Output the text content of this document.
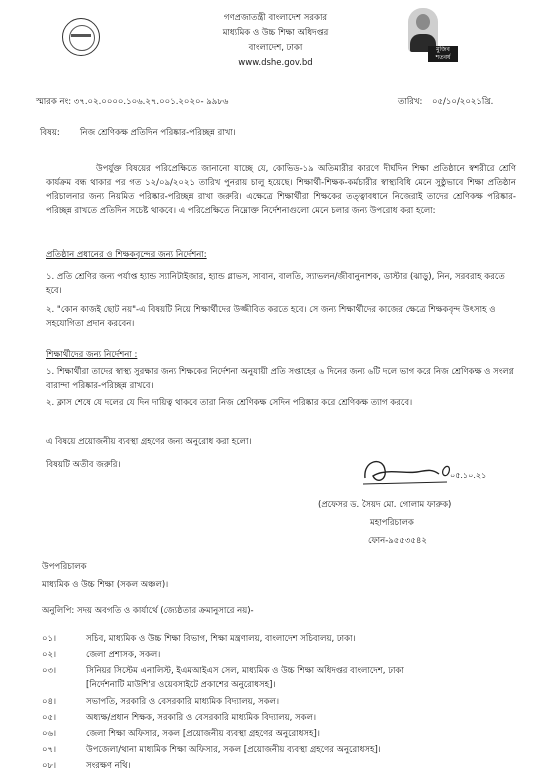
মুজিব
শতবর্ষ
গণপ্রজাতন্ত্রী বাংলাদেশ সরকার
মাধ্যমিক ও উচ্চ শিক্ষা অধিদপ্তর
বাংলাদেশ, ঢাকা
www.dshe.gov.bd
স্মারক নং: ৩৭.০২.০০০০.১০৬.২৭.০০১.২০২০- ৯৯৮৬	তারিখ: ০৫/১০/২০২১খ্রি.
বিষয়: নিজ শ্রেণিকক্ষ প্রতিদিন পরিষ্কার-পরিচ্ছন্ন রাখা।
উপর্যুক্ত বিষয়ের পরিপ্রেক্ষিতে জানানো যাচ্ছে যে, কোভিড-১৯ অতিমারীর কারণে দীর্ঘদিন শিক্ষা প্রতিষ্ঠানে স্বশরীরে শ্রেণি কার্যক্রম বন্ধ থাকার পর গত ১২/০৯/২০২১ তারিখ পুনরায় চালু হয়েছে। শিক্ষার্থী-শিক্ষক-কর্মচারীর স্বাস্থ্যবিধি মেনে সুষ্ঠুভাবে শিক্ষা প্রতিষ্ঠান পরিচালনার জন্য নিয়মিত পরিষ্কার-পরিচ্ছন্ন রাখা জরুরি। এক্ষেত্রে শিক্ষার্থীরা শিক্ষকের তত্ত্বাবধানে নিজেরাই তাদের শ্রেণিকক্ষ পরিষ্কার-পরিচ্ছন্ন রাখতে প্রতিদিন সচেষ্ট থাকবে। এ পরিপ্রেক্ষিতে নিম্নোক্ত নির্দেশনাগুলো মেনে চলার জন্য উপরোধ করা হলো:
প্রতিষ্ঠান প্রধানের ও শিক্ষকবৃন্দের জন্য নির্দেশনা:
১. প্রতি শ্রেণির জন্য পর্যাপ্ত হ্যান্ড স্যানিটাইজার, হ্যান্ড গ্লাভস, সাবান, বালতি, স্যাভলন/জীবানুনাশক, ডাস্টার (ঝাড়ু), নিন, সরবরাহ করতে হবে।
২. "কোন কাজই ছোট নয়"-এ বিষয়টি নিয়ে শিক্ষার্থীদের উজ্জীবিত করতে হবে। সে জন্য শিক্ষার্থীদের কাজের ক্ষেত্রে শিক্ষকবৃন্দ উৎসাহ ও সহযোগিতা প্রদান করবেন।
শিক্ষার্থীদের জন্য নির্দেশনা :
১. শিক্ষার্থীরা তাদের স্বাস্থ্য সুরক্ষার জন্য শিক্ষকের নির্দেশনা অনুযায়ী প্রতি সপ্তাহের ৬ দিনের জন্য ৬টি দলে ভাগ করে নিজ শ্রেণিকক্ষ ও সংলগ্ন বারান্দা পরিষ্কার-পরিচ্ছন্ন রাখবে।
২. ক্লাস শেষে যে দলের যে দিন দায়িত্ব থাকবে তারা নিজ শ্রেণিকক্ষ সেদিন পরিষ্কার করে শ্রেণিকক্ষ ত্যাগ করবে।
এ বিষয়ে প্রয়োজনীয় ব্যবস্থা গ্রহণের জন্য অনুরোধ করা হলো।
বিষয়টি অতীব জরুরি।
০৫.১০.২১
(প্রফেসর ড. সৈয়দ মো. গোলাম ফারুক)
মহাপরিচালক
ফোন-৯৫৫৩৫৪২
উপপরিচালক
মাধ্যমিক ও উচ্চ শিক্ষা (সকল অঞ্চল)।
অনুলিপি: সদয় অবগতি ও কার্যার্থে (জ্যেষ্ঠতার ক্রমানুসারে নয়)-
০১।	সচিব, মাধ্যমিক ও উচ্চ শিক্ষা বিভাগ, শিক্ষা মন্ত্রণালয়, বাংলাদেশ সচিবালয়, ঢাকা।
০২।	জেলা প্রশাসক, সকল।
০৩।	সিনিয়র সিস্টেম এনালিস্ট, ইএমআইএস সেল, মাধ্যমিক ও উচ্চ শিক্ষা অধিদপ্তর বাংলাদেশ, ঢাকা
[নির্দেশনাটি মাউশি'র ওয়েবসাইটে প্রকাশের অনুরোধসহ]।
০৪।	সভাপতি, সরকারি ও বেসরকারি মাধ্যমিক বিদ্যালয়, সকল।
০৫।	অধ্যক্ষ/প্রধান শিক্ষক, সরকারি ও বেসরকারি মাধ্যমিক বিদ্যালয়, সকল।
০৬।	জেলা শিক্ষা অফিসার, সকল [প্রয়োজনীয় ব্যবস্থা গ্রহণের অনুরোধসহ]।
০৭।	উপজেলা/থানা মাধ্যমিক শিক্ষা অফিসার, সকল [প্রয়োজনীয় ব্যবস্থা গ্রহণের অনুরোধসহ]।
০৮।	সংরক্ষণ নথি।
